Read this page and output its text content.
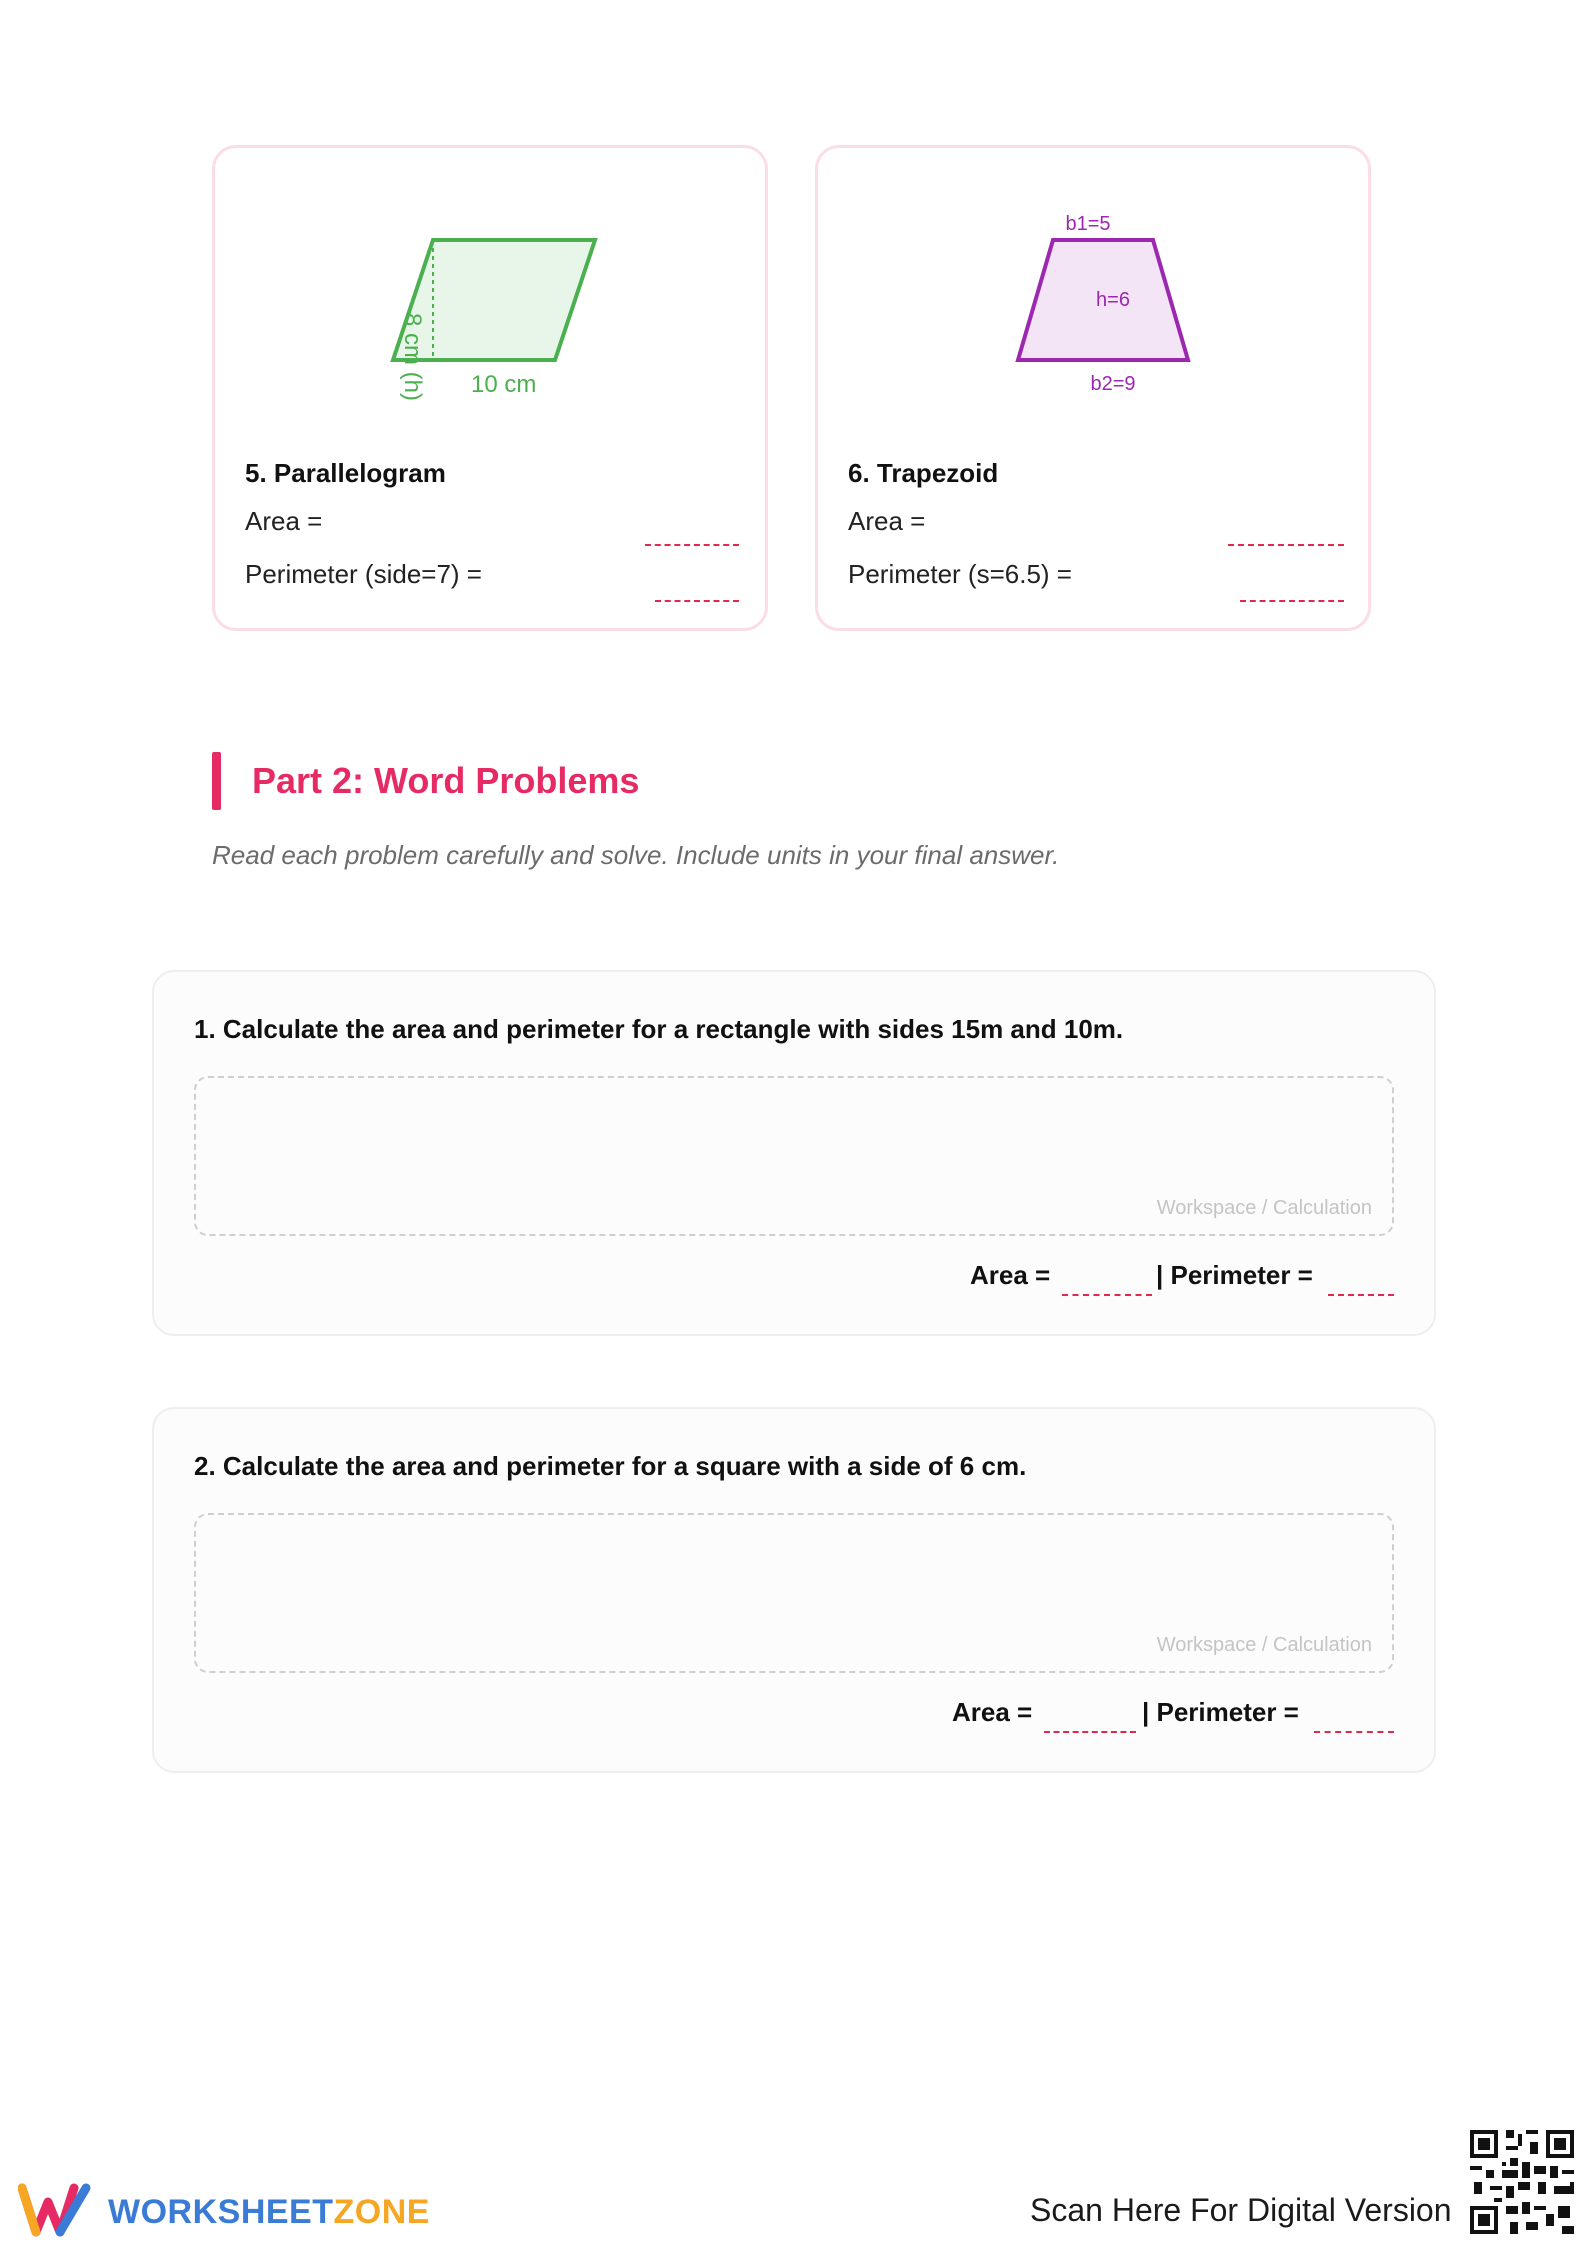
10 cm
8 cm (h)
5. Parallelogram
Area =
Perimeter (side=7) =
b1=5
h=6
b2=9
6. Trapezoid
Area =
Perimeter (s=6.5) =
Part 2: Word Problems
Read each problem carefully and solve. Include units in your final answer.
1. Calculate the area and perimeter for a rectangle with sides 15m and 10m.
Workspace / Calculation
Area =	| Perimeter =
2. Calculate the area and perimeter for a square with a side of 6 cm.
Workspace / Calculation
Area =	| Perimeter =
WORKSHEETZONE	Scan Here For Digital Version
